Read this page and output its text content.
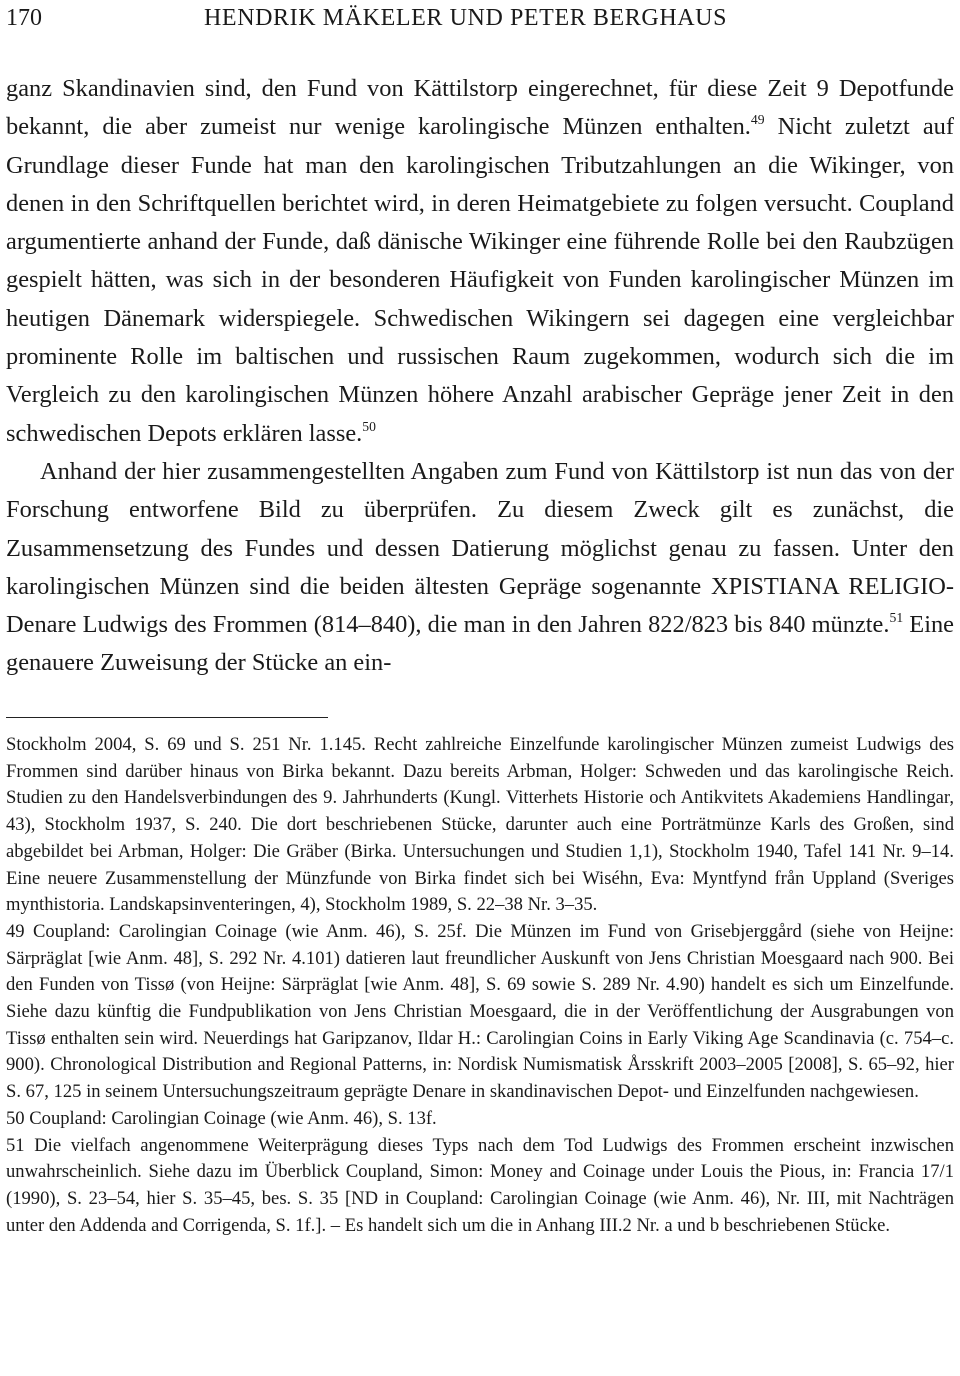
170	HENDRIK MÄKELER UND PETER BERGHAUS

ganz Skandinavien sind, den Fund von Kättilstorp eingerechnet, für diese Zeit 9 Depotfunde bekannt, die aber zumeist nur wenige karolingische Münzen enthalten.$^{49}$ Nicht zuletzt auf Grundlage dieser Funde hat man den karolingischen Tributzahlungen an die Wikinger, von denen in den Schriftquellen berichtet wird, in deren Heimatgebiete zu folgen versucht. Coupland argumentierte anhand der Funde, daß dänische Wikinger eine führende Rolle bei den Raubzügen gespielt hätten, was sich in der besonderen Häufigkeit von Funden karolingischer Münzen im heutigen Dänemark widerspiegele. Schwedischen Wikingern sei dagegen eine vergleichbar prominente Rolle im baltischen und russischen Raum zugekommen, wodurch sich die im Vergleich zu den karolingischen Münzen höhere Anzahl arabischer Gepräge jener Zeit in den schwedischen Depots erklären lasse.$^{50}$

Anhand der hier zusammengestellten Angaben zum Fund von Kättilstorp ist nun das von der Forschung entworfene Bild zu überprüfen. Zu diesem Zweck gilt es zunächst, die Zusammensetzung des Fundes und dessen Datierung möglichst genau zu fassen. Unter den karolingischen Münzen sind die beiden ältesten Gepräge sogenannte XPISTIANA RELIGIO-Denare Ludwigs des Frommen (814–840), die man in den Jahren 822/823 bis 840 münzte.$^{51}$ Eine genauere Zuweisung der Stücke an ein-

Stockholm 2004, S. 69 und S. 251 Nr. 1.145. Recht zahlreiche Einzelfunde karolingischer Münzen zumeist Ludwigs des Frommen sind darüber hinaus von Birka bekannt. Dazu bereits Arbman, Holger: Schweden und das karolingische Reich. Studien zu den Handelsverbindungen des 9. Jahrhunderts (Kungl. Vitterhets Historie och Antikvitets Akademiens Handlingar, 43), Stockholm 1937, S. 240. Die dort beschriebenen Stücke, darunter auch eine Porträtmünze Karls des Großen, sind abgebildet bei Arbman, Holger: Die Gräber (Birka. Untersuchungen und Studien 1,1), Stockholm 1940, Tafel 141 Nr. 9–14. Eine neuere Zusammenstellung der Münzfunde von Birka findet sich bei Wiséhn, Eva: Myntfynd från Uppland (Sveriges mynthistoria. Landskapsinventeringen, 4), Stockholm 1989, S. 22–38 Nr. 3–35.

49 Coupland: Carolingian Coinage (wie Anm. 46), S. 25f. Die Münzen im Fund von Grisebjerggård (siehe von Heijne: Särpräglat [wie Anm. 48], S. 292 Nr. 4.101) datieren laut freundlicher Auskunft von Jens Christian Moesgaard nach 900. Bei den Funden von Tissø (von Heijne: Särpräglat [wie Anm. 48], S. 69 sowie S. 289 Nr. 4.90) handelt es sich um Einzelfunde. Siehe dazu künftig die Fundpublikation von Jens Christian Moesgaard, die in der Veröffentlichung der Ausgrabungen von Tissø enthalten sein wird. Neuerdings hat Garipzanov, Ildar H.: Carolingian Coins in Early Viking Age Scandinavia (c. 754–c. 900). Chronological Distribution and Regional Patterns, in: Nordisk Numismatisk Årsskrift 2003–2005 [2008], S. 65–92, hier S. 67, 125 in seinem Untersuchungszeitraum geprägte Denare in skandinavischen Depot- und Einzelfunden nachgewiesen.

50 Coupland: Carolingian Coinage (wie Anm. 46), S. 13f.

51 Die vielfach angenommene Weiterprägung dieses Typs nach dem Tod Ludwigs des Frommen erscheint inzwischen unwahrscheinlich. Siehe dazu im Überblick Coupland, Simon: Money and Coinage under Louis the Pious, in: Francia 17/1 (1990), S. 23–54, hier S. 35–45, bes. S. 35 [ND in Coupland: Carolingian Coinage (wie Anm. 46), Nr. III, mit Nachträgen unter den Addenda and Corrigenda, S. 1f.]. – Es handelt sich um die in Anhang III.2 Nr. a und b beschriebenen Stücke.
